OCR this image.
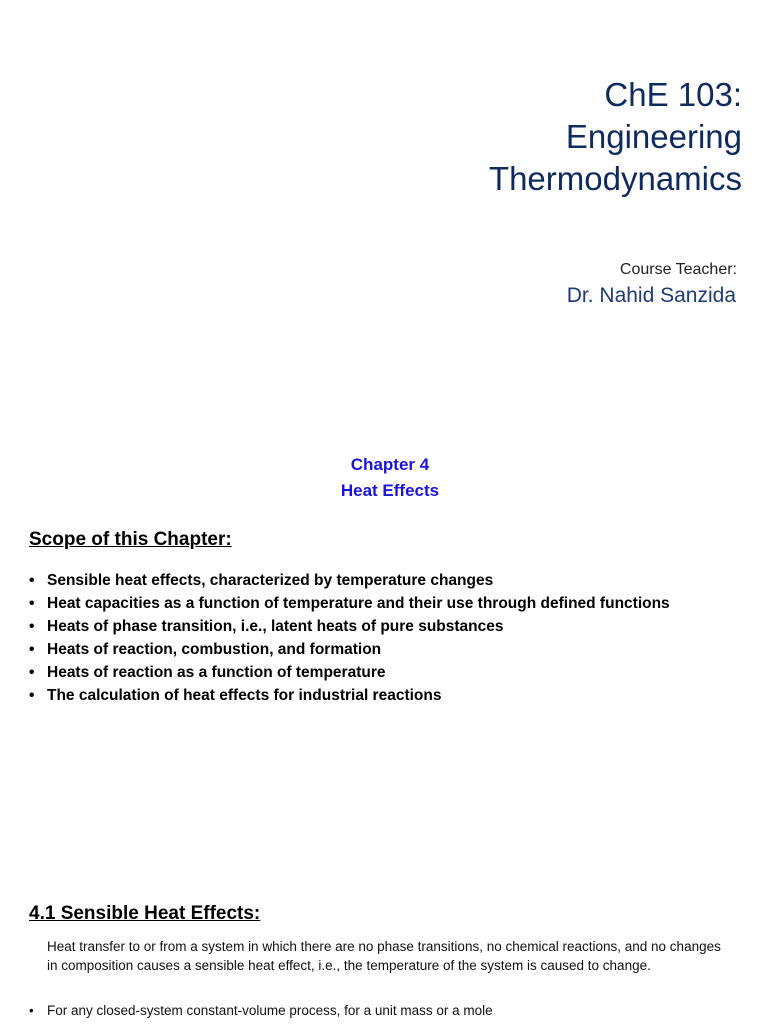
ChE 103:
Engineering
Thermodynamics
Course Teacher:
Dr. Nahid Sanzida
Chapter 4
Heat Effects
Scope of this Chapter:
• Sensible heat effects, characterized by temperature changes
• Heat capacities as a function of temperature and their use through defined functions
• Heats of phase transition, i.e., latent heats of pure substances
• Heats of reaction, combustion, and formation
• Heats of reaction as a function of temperature
• The calculation of heat effects for industrial reactions
4.1 Sensible Heat Effects:
Heat transfer to or from a system in which there are no phase transitions, no chemical reactions, and no changes in composition causes a sensible heat effect, i.e., the temperature of the system is caused to change.
• For any closed-system constant-volume process, for a unit mass or a mole
